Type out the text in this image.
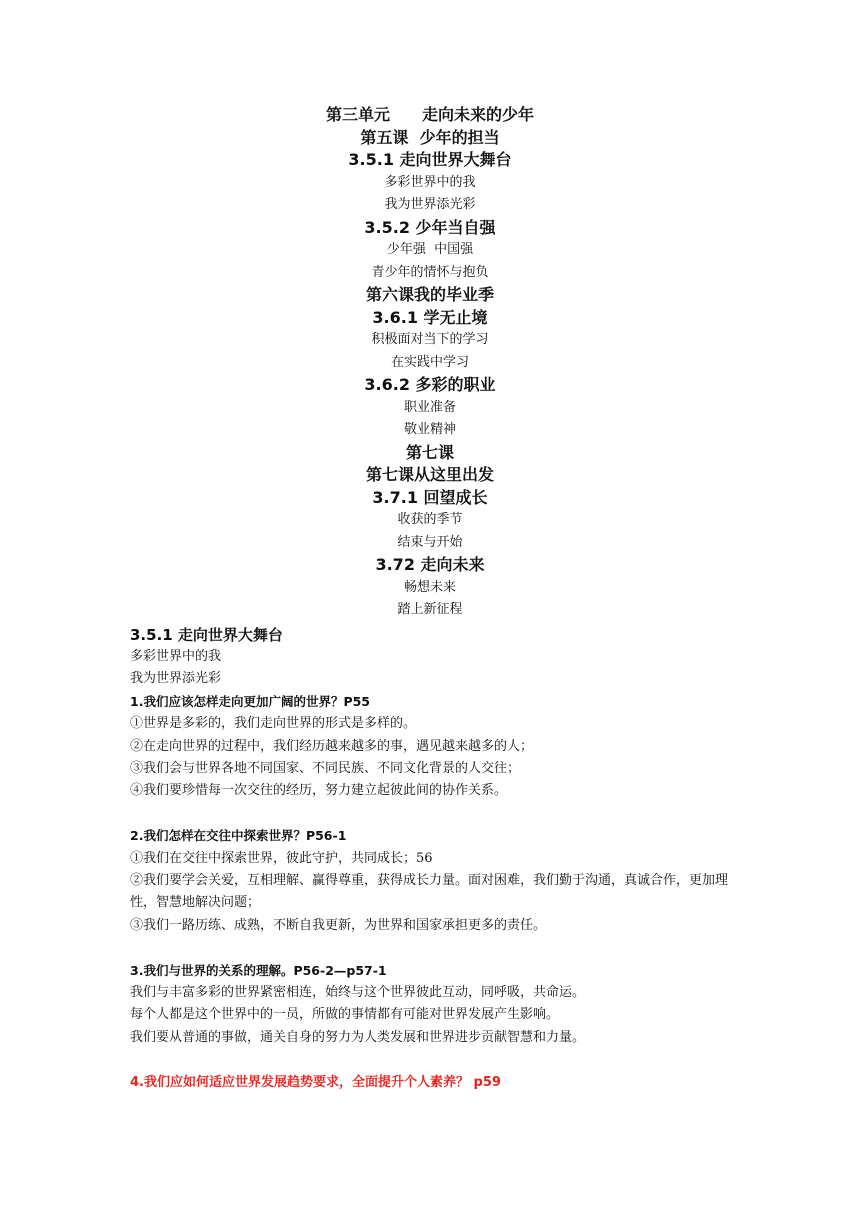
第三单元　　走向未来的少年
第五课  少年的担当
3.5.1 走向世界大舞台
多彩世界中的我
我为世界添光彩
3.5.2 少年当自强
少年强  中国强
青少年的情怀与抱负
第六课我的毕业季
3.6.1 学无止境
积极面对当下的学习
在实践中学习
3.6.2 多彩的职业
职业准备
敬业精神
第七课
第七课从这里出发
3.7.1 回望成长
收获的季节
结束与开始
3.72 走向未来
畅想未来
踏上新征程
3.5.1 走向世界大舞台
多彩世界中的我
我为世界添光彩
1.我们应该怎样走向更加广阔的世界？P55
①世界是多彩的，我们走向世界的形式是多样的。
②在走向世界的过程中，我们经历越来越多的事，遇见越来越多的人；
③我们会与世界各地不同国家、不同民族、不同文化背景的人交往；
④我们要珍惜每一次交往的经历，努力建立起彼此间的协作关系。
2.我们怎样在交往中探索世界？P56-1
①我们在交往中探索世界，彼此守护，共同成长；56
②我们要学会关爱，互相理解、赢得尊重，获得成长力量。面对困难，我们勤于沟通，真诚合作，更加理性，智慧地解决问题；
③我们一路历练、成熟，不断自我更新，为世界和国家承担更多的责任。
3.我们与世界的关系的理解。P56-2—p57-1
我们与丰富多彩的世界紧密相连，始终与这个世界彼此互动，同呼吸，共命运。
每个人都是这个世界中的一员，所做的事情都有可能对世界发展产生影响。
我们要从普通的事做，通关自身的努力为人类发展和世界进步贡献智慧和力量。
4.我们应如何适应世界发展趋势要求，全面提升个人素养？ p59
